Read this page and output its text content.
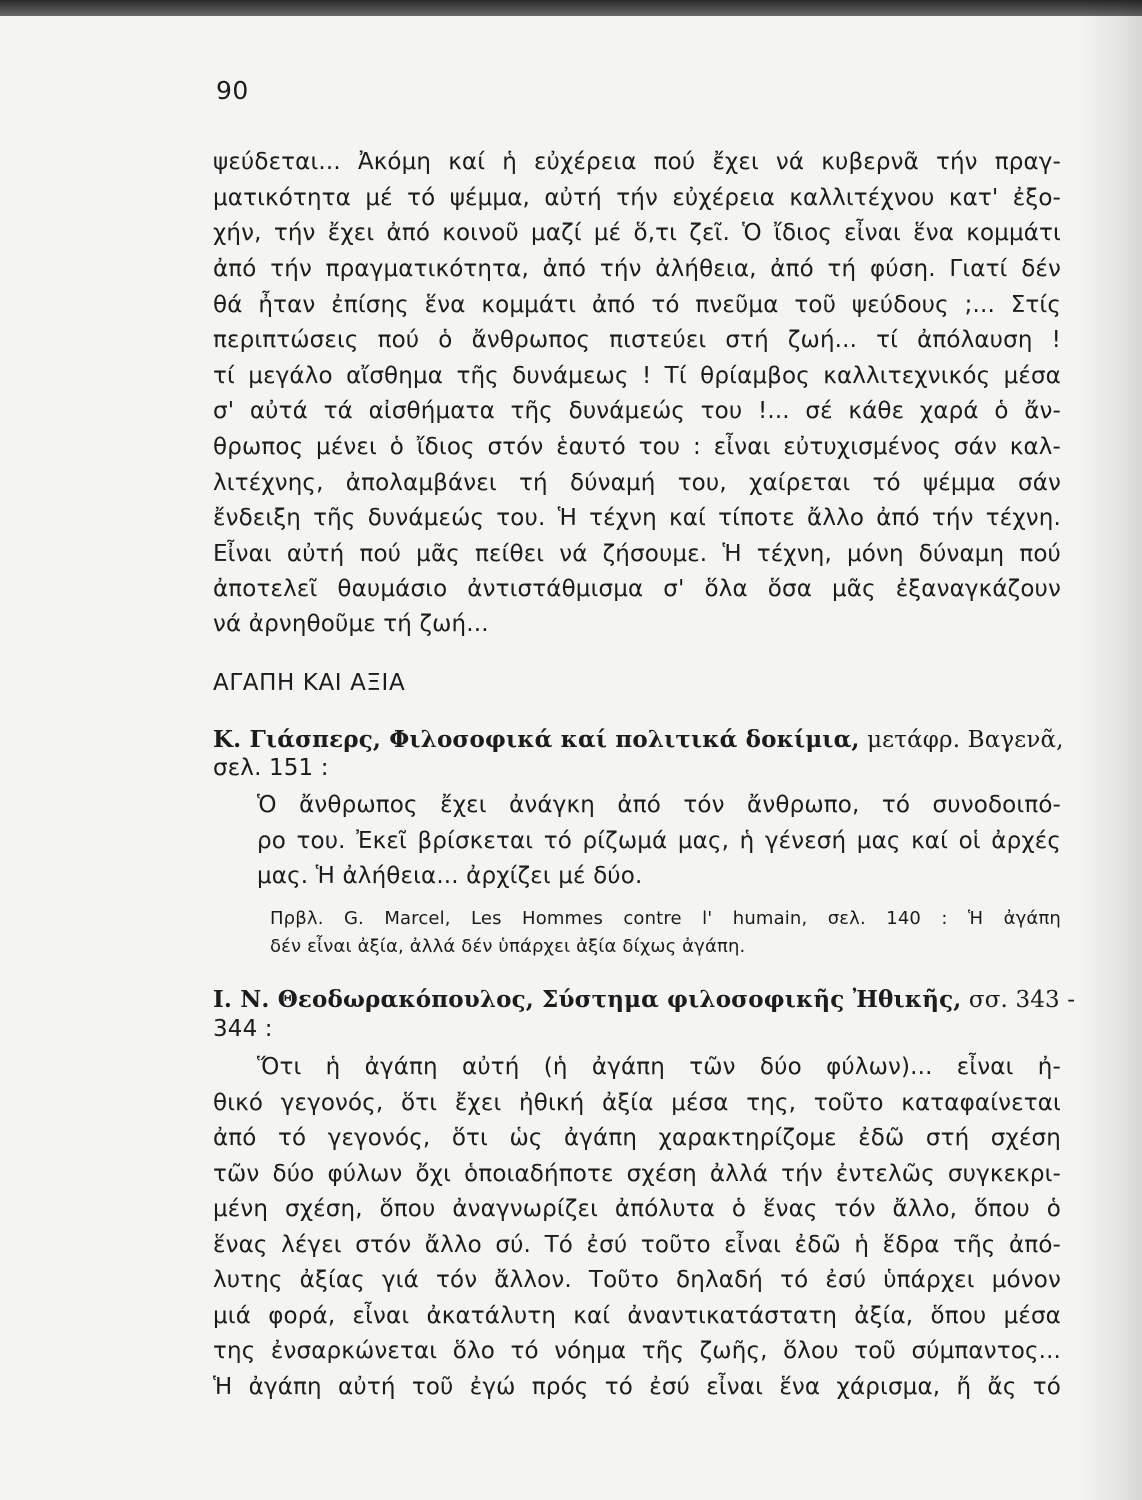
90
ψεύδεται... Ἀκόμη καί ἡ εὐχέρεια πού ἔχει νά κυβερνᾶ τήν πραγ-
ματικότητα μέ τό ψέμμα, αὐτή τήν εὐχέρεια καλλιτέχνου κατ' ἐξο-
χήν, τήν ἔχει ἀπό κοινοῦ μαζί μέ ὅ,τι ζεῖ. Ὁ ἴδιος εἶναι ἕνα κομμάτι
ἀπό τήν πραγματικότητα, ἀπό τήν ἀλήθεια, ἀπό τή φύση. Γιατί δέν
θά ἦταν ἐπίσης ἕνα κομμάτι ἀπό τό πνεῦμα τοῦ ψεύδους ;... Στίς
περιπτώσεις πού ὁ ἄνθρωπος πιστεύει στή ζωή... τί ἀπόλαυση !
τί μεγάλο αἴσθημα τῆς δυνάμεως ! Τί θρίαμβος καλλιτεχνικός μέσα
σ' αὐτά τά αἰσθήματα τῆς δυνάμεώς του !... σέ κάθε χαρά ὁ ἄν-
θρωπος μένει ὁ ἴδιος στόν ἑαυτό του : εἶναι εὐτυχισμένος σάν καλ-
λιτέχνης, ἀπολαμβάνει τή δύναμή του, χαίρεται τό ψέμμα σάν
ἔνδειξη τῆς δυνάμεώς του. Ἡ τέχνη καί τίποτε ἄλλο ἀπό τήν τέχνη.
Εἶναι αὐτή πού μᾶς πείθει νά ζήσουμε. Ἡ τέχνη, μόνη δύναμη πού
ἀποτελεῖ θαυμάσιο ἀντιστάθμισμα σ' ὅλα ὅσα μᾶς ἐξαναγκάζουν
νά ἀρνηθοῦμε τή ζωή...
ΑΓΑΠΗ ΚΑΙ ΑΞΙΑ
Κ. Γιάσπερς, Φιλοσοφικά καί πολιτικά δοκίμια, μετάφρ. Βαγενᾶ,
σελ. 151 :
Ὁ ἄνθρωπος ἔχει ἀνάγκη ἀπό τόν ἄνθρωπο, τό συνοδοιπό-
ρο του. Ἐκεῖ βρίσκεται τό ρίζωμά μας, ἡ γένεσή μας καί οἱ ἀρχές
μας. Ἡ ἀλήθεια... ἀρχίζει μέ δύο.
Πρβλ. G. Marcel, Les Hommes contre l' humain, σελ. 140 : Ἡ ἀγάπη
δέν εἶναι ἀξία, ἀλλά δέν ὑπάρχει ἀξία δίχως ἀγάπη.
Ι. Ν. Θεοδωρακόπουλος, Σύστημα φιλοσοφικῆς Ἠθικῆς, σσ. 343 -
344 :
Ὅτι ἡ ἀγάπη αὐτή (ἡ ἀγάπη τῶν δύο φύλων)... εἶναι ἠ-
θικό γεγονός, ὅτι ἔχει ἠθική ἀξία μέσα της, τοῦτο καταφαίνεται
ἀπό τό γεγονός, ὅτι ὡς ἀγάπη χαρακτηρίζομε ἐδῶ στή σχέση
τῶν δύο φύλων ὄχι ὁποιαδήποτε σχέση ἀλλά τήν ἐντελῶς συγκεκρι-
μένη σχέση, ὅπου ἀναγνωρίζει ἀπόλυτα ὁ ἕνας τόν ἄλλο, ὅπου ὁ
ἕνας λέγει στόν ἄλλο σύ. Τό ἐσύ τοῦτο εἶναι ἐδῶ ἡ ἕδρα τῆς ἀπό-
λυτης ἀξίας γιά τόν ἄλλον. Τοῦτο δηλαδή τό ἐσύ ὑπάρχει μόνον
μιά φορά, εἶναι ἀκατάλυτη καί ἀναντικατάστατη ἀξία, ὅπου μέσα
της ἐνσαρκώνεται ὅλο τό νόημα τῆς ζωῆς, ὅλου τοῦ σύμπαντος...
Ἡ ἀγάπη αὐτή τοῦ ἐγώ πρός τό ἐσύ εἶναι ἕνα χάρισμα, ἤ ἄς τό
